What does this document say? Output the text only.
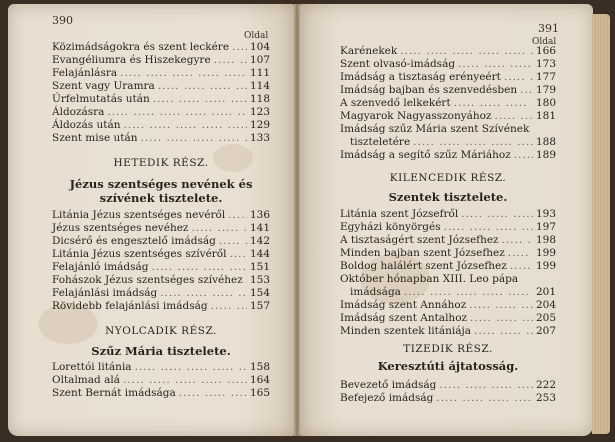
390
Oldal
Közimádságokra és szent leckére ..... 104
Evangéliumra és Hiszekegyre .....	107
Felajánlásra .....	111
Szent vagy Uramra .....	114
Úrfelmutatás után .....	118
Áldozásra .....	123
Áldozás után .....	129
Szent mise után .....	133
HETEDIK RÉSZ.
Jézus szentséges nevének és
szívének tisztelete.
Litánia Jézus szentséges nevéről ..... 136
Jézus szentséges nevéhez .....	141
Dicsérő és engesztelő imádság .....	142
Litánia Jézus szentséges szívéről ..... 144
Felajánló imádság .....	151
Fohászok Jézus szentséges szívéhez ..... 153
Felajánlási imádság .....	154
Rövidebb felajánlási imádság .....	157
NYOLCADIK RÉSZ.
Szűz Mária tisztelete.
Lorettói litánia .....	158
Oltalmad alá .....	164
Szent Bernát imádsága .....	165
391
Oldal
Karénekek .....	166
Szent olvasó-imádság .....	173
Imádság a tisztaság erényeért .....	177
Imádság bajban és szenvedésben ..... 179
A szenvedő lelkekért .....	180
Magyarok Nagyasszonyához .....	181
Imádság szűz Mária szent Szívének
tiszteletére .....	188
Imádság a segítő szűz Máriához ..... 189
KILENCEDIK RÉSZ.
Szentek tisztelete.
Litánia szent Józsefről .....	193
Egyházi könyörgés .....	197
A tisztaságért szent Józsefhez .....	198
Minden bajban szent Józsefhez .....	199
Boldog halálért szent Józsefhez .....	199
Október hónapban XIII. Leo pápa
imádsága .....	201
Imádság szent Annához .....	204
Imádság szent Antalhoz .....	205
Minden szentek litániája .....	207
TIZEDIK RÉSZ.
Keresztúti ájtatosság.
Bevezető imádság .....	222
Befejező imádság .....	253
